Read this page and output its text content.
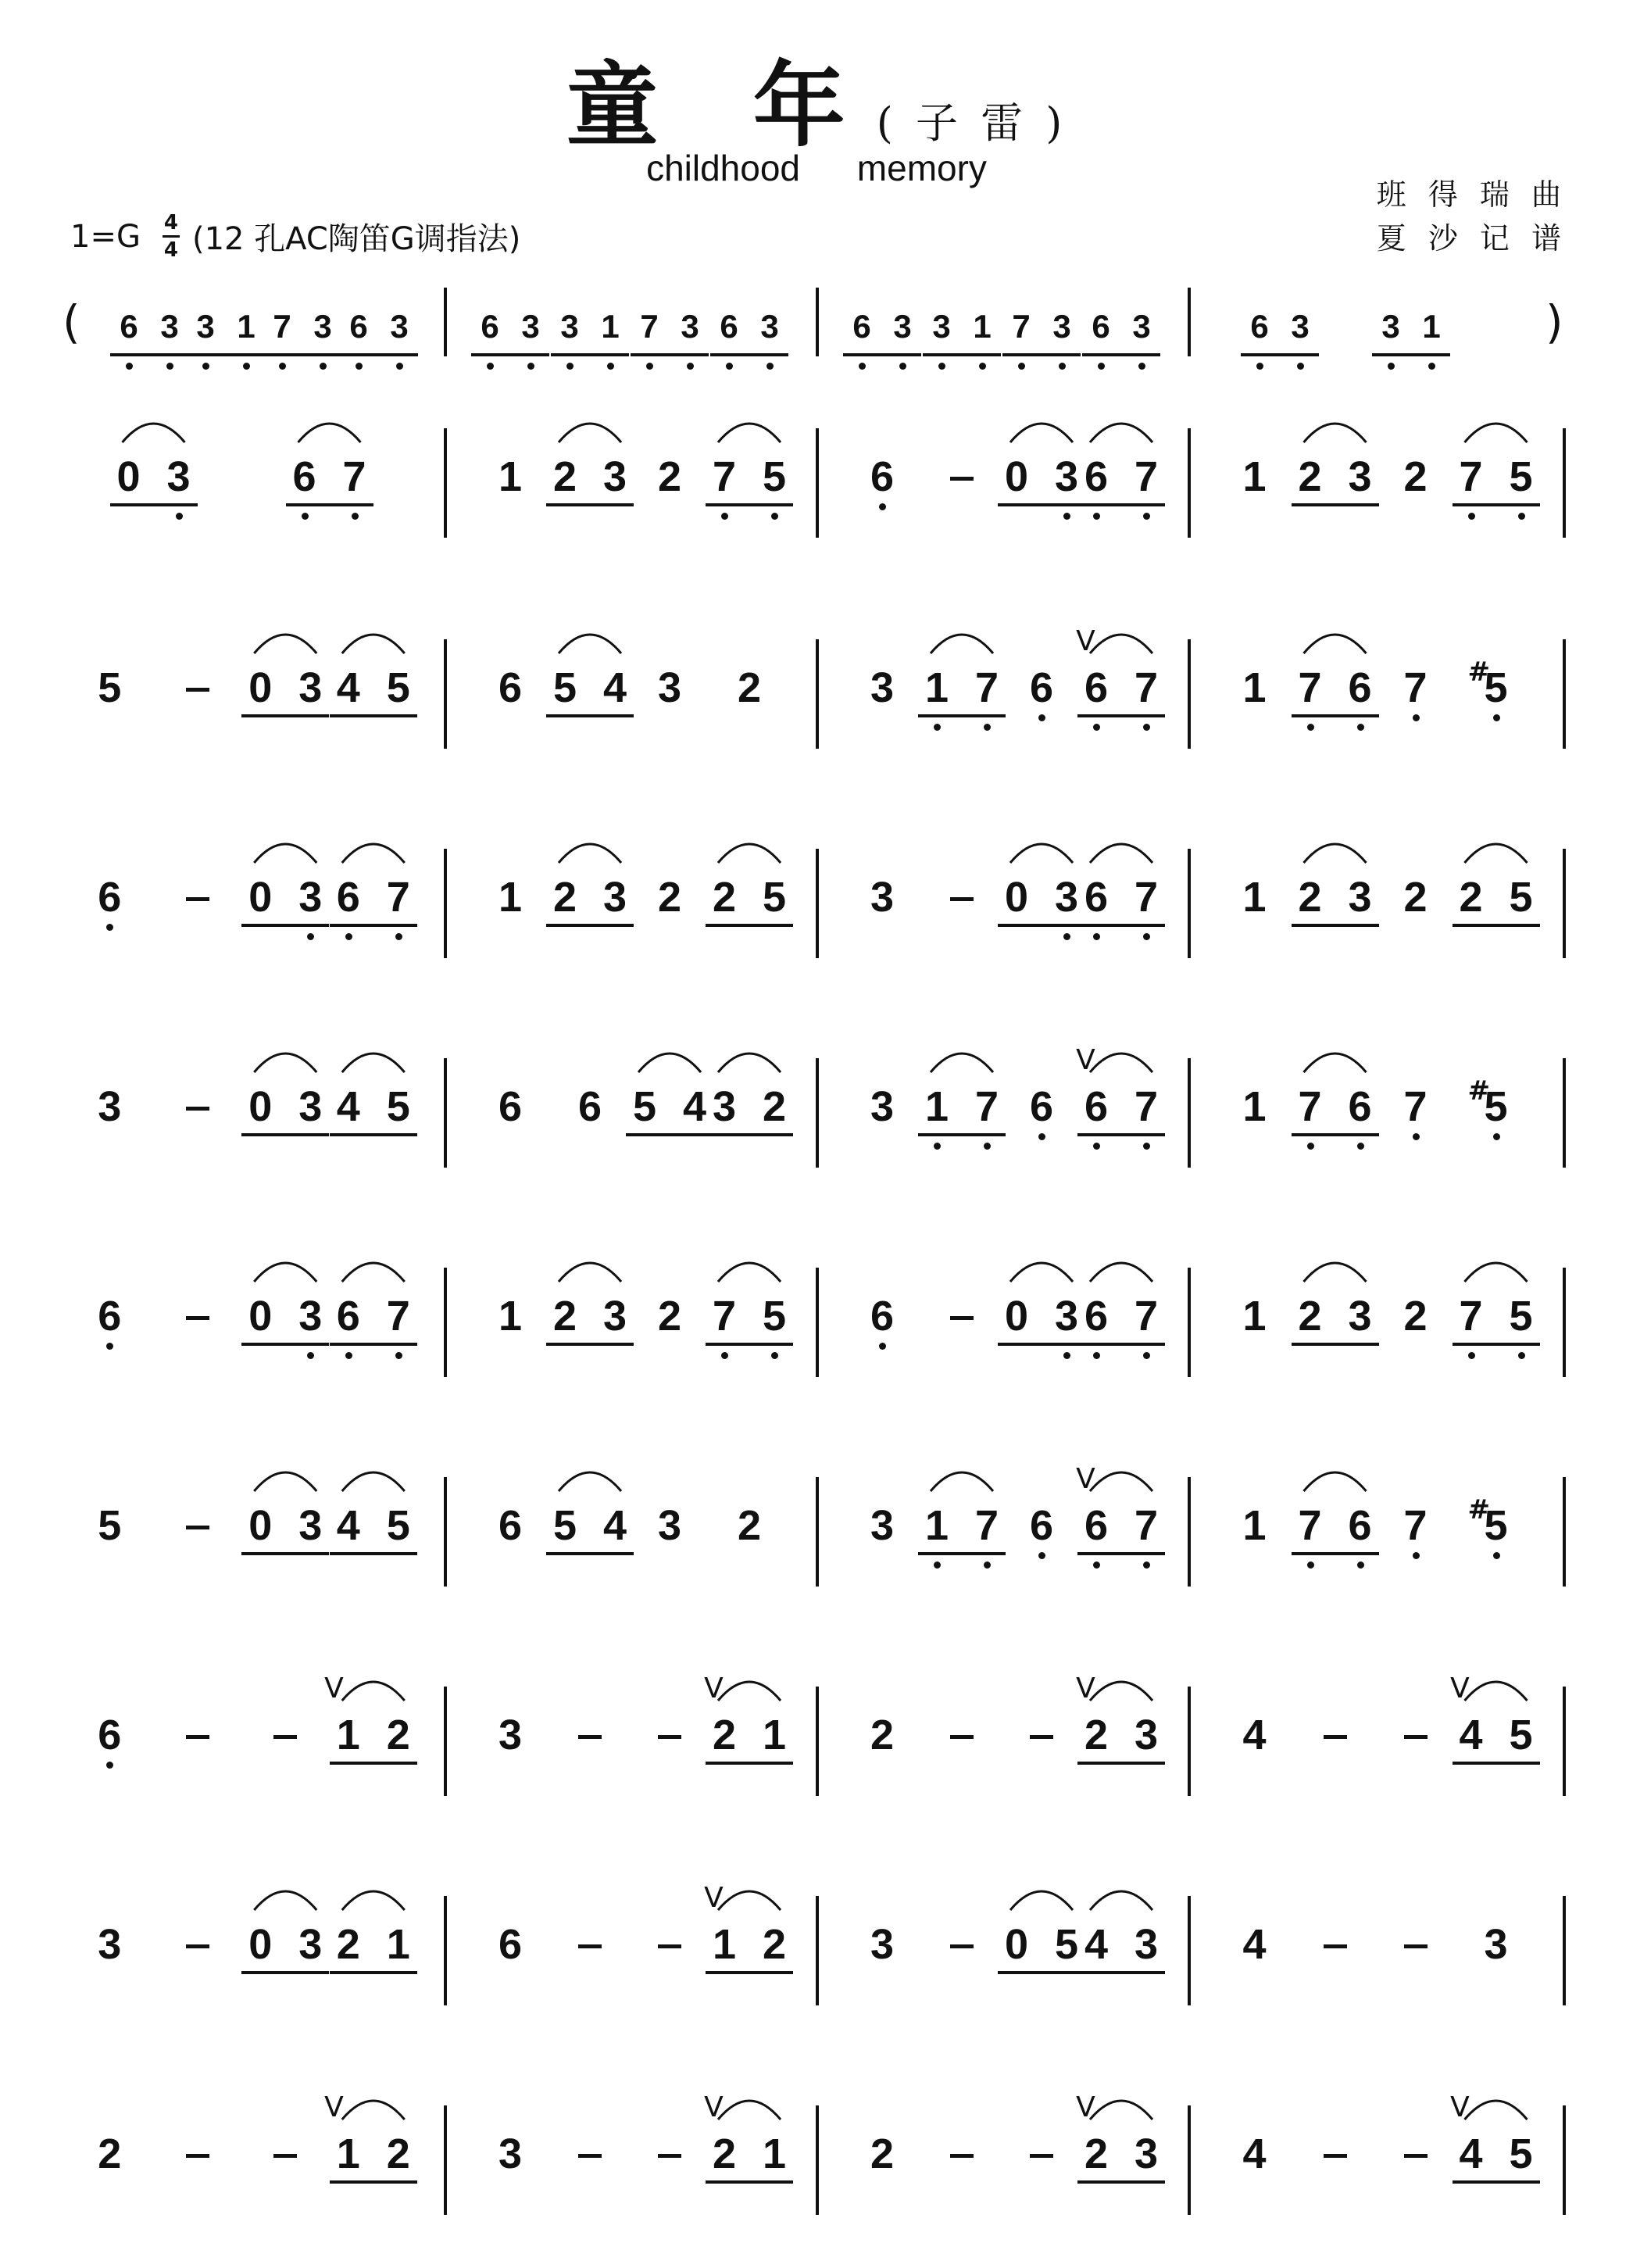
童 年( 子 雷 )
childhood memory
班 得 瑞 曲
夏 沙 记 谱
$1=G \frac{4}{4} (12$ 孔AC陶笛G调指法)
(	)
6 3 3 1 7 3 6 3 6 3 3 1 7 3 6 3 6 3 3 1 7 3 6 3	6 3 3 1
0 3 6 7	1 2 3 2 7 5 6	0 3 6 7 1 2 3 2 7 5
5	0 3 4 5 6 5 4 3 2	3 1 7 6
V
6 7 1 7 6 7 5
#
6	0 3 6 7 1 2 3 2 2 5 3	0 3 6 7 1 2 3 2 2 5
3	0 3 4 5 6 6 5 4 3 2 3 1 7 6
V
6 7 1 7 6 7 5
#
6	0 3 6 7 1 2 3 2 7 5 6	0 3 6 7 1 2 3 2 7 5
5	0 3 4 5 6 5 4 3 2	3 1 7 6
V
6 7 1 7 6 7 5
#
6
V
1 2 3
V
2 1 2
V
2 3 4
V
4 5
3	0 3 2 1 6
V
1 2 3	0 5 4 3 4	3
2
V
1 2 3
V
2 1 2
V
2 3 4
V
4 5
